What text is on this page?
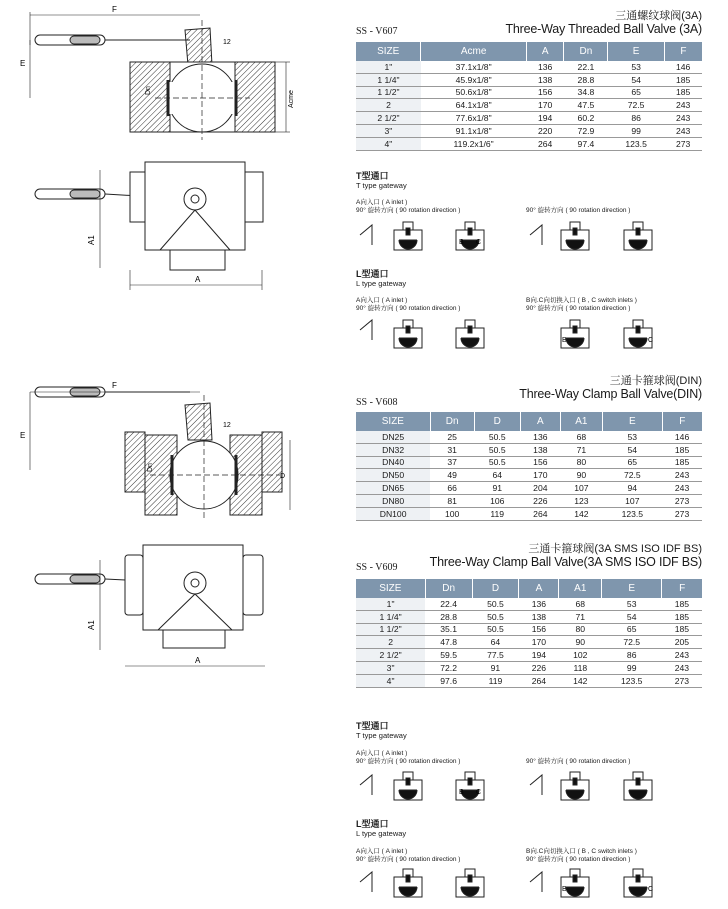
三通螺纹球阀(3A)
Three-Way Threaded Ball Valve (3A)
SS - V607
SIZE	Acme	A	Dn	E	F
1"	37.1x1/8"	136	22.1	53	146
1 1/4"	45.9x1/8"	138	28.8	54	185
1 1/2"	50.6x1/8"	156	34.8	65	185
2	64.1x1/8"	170	47.5	72.5	243
2 1/2"	77.6x1/8"	194	60.2	86	243
3"	91.1x1/8"	220	72.9	99	243
4"	119.2x1/6"	264	97.4	123.5	273
T型通口
T type gateway
A向入口 ( A inlet )
90° 旋转方向 ( 90 rotation direction )	90° 旋转方向 ( 90 rotation direction )
L型通口
L type gateway
A向入口 ( A inlet )
90° 旋转方向 ( 90 rotation direction )
B向.C向切换入口 ( B , C switch inlets )
90° 旋转方向 ( 90 rotation direction )
三通卡箍球阀(DIN)
Three-Way Clamp Ball Valve(DIN)
SS - V608
SIZE	Dn	D	A	A1	E	F
DN25	25	50.5	136	68	53	146
DN32	31	50.5	138	71	54	185
DN40	37	50.5	156	80	65	185
DN50	49	64	170	90	72.5	243
DN65	66	91	204	107	94	243
DN80	81	106	226	123	107	273
DN100	100	119	264	142	123.5	273
三通卡箍球阀(3A SMS ISO IDF BS)
Three-Way Clamp Ball Valve(3A SMS ISO IDF BS)
SS - V609
SIZE	Dn	D	A	A1	E	F
1"	22.4	50.5	136	68	53	185
1 1/4"	28.8	50.5	138	71	54	185
1 1/2"	35.1	50.5	156	80	65	185
2	47.8	64	170	90	72.5	205
2 1/2"	59.5	77.5	194	102	86	243
3"	72.2	91	226	118	99	243
4"	97.6	119	264	142	123.5	273
T型通口
T type gateway
A向入口 ( A inlet )
90° 旋转方向 ( 90 rotation direction )	90° 旋转方向 ( 90 rotation direction )
L型通口
L type gateway
A向入口 ( A inlet )
90° 旋转方向 ( 90 rotation direction )
B向.C向切换入口 ( B , C switch inlets )
90° 旋转方向 ( 90 rotation direction )
F
E
12
Dn	Acme
A
A1
F
E
12
Dn
D
A
A1
B C
B	C
B C
B	C
